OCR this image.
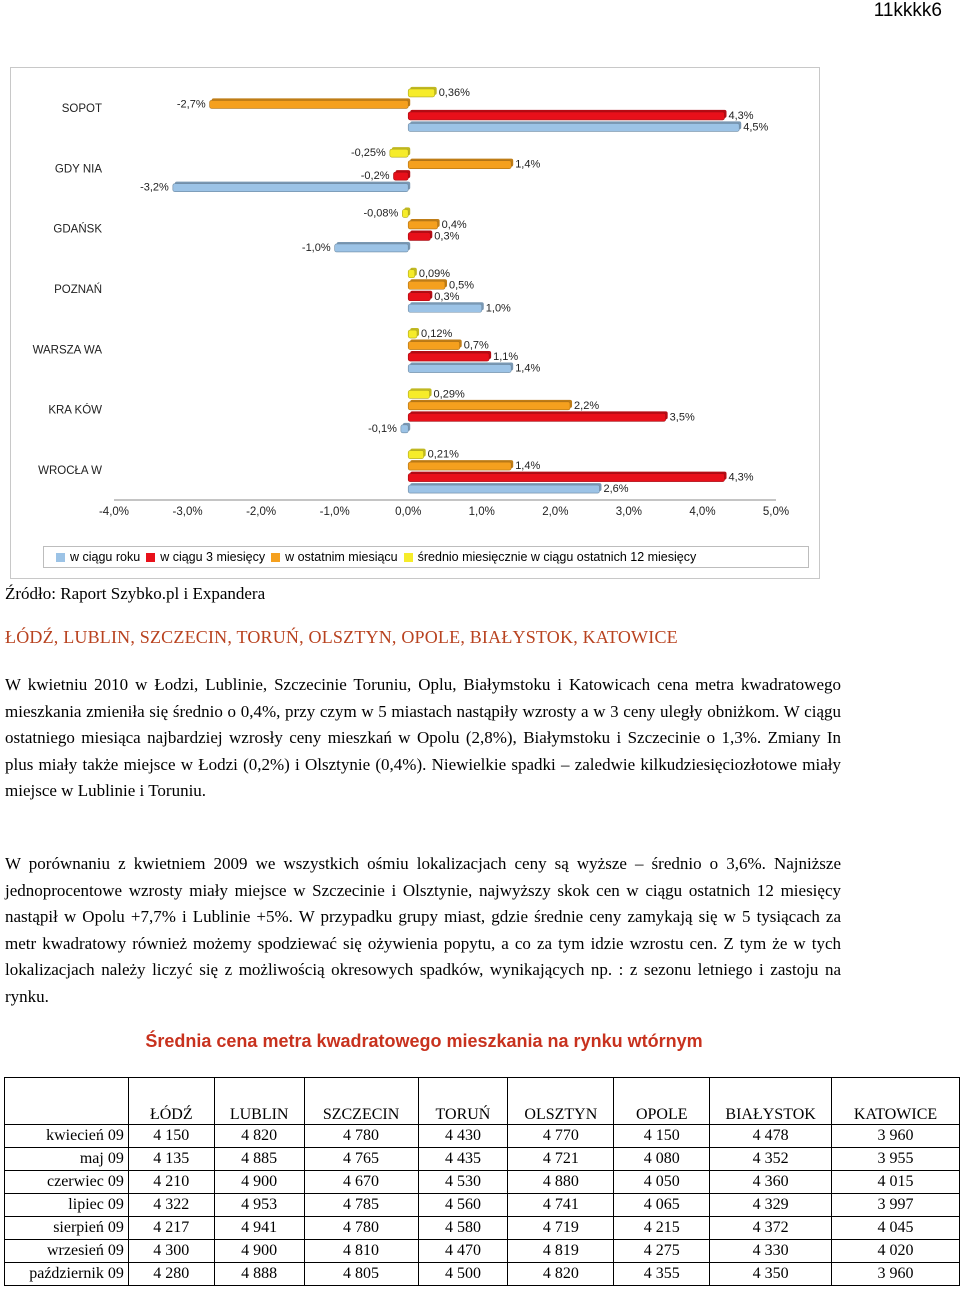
11kkkk6
-4,0%	-3,0%	-2,0%	-1,0%	0,0%	1,0%	2,0%	3,0%	4,0%	5,0%
SOPOT
0,36%
-2,7%
4,3%
4,5%
GDY NIA
-0,25%
1,4%
-0,2%
-3,2%
GDAŃSK
-0,08%
0,4%
0,3%
-1,0%
POZNAŃ
0,09%
0,5%
0,3%
1,0%
WARSZA WA
0,12%
0,7%
1,1%
1,4%
KRA KÓW
0,29%
2,2%
3,5%
-0,1%
WROCŁA W
0,21%
1,4%
4,3%
2,6%
w ciągu roku w ciągu 3 miesięcy w ostatnim miesiącu średnio miesięcznie w ciągu ostatnich 12 miesięcy
Źródło: Raport Szybko.pl i Expandera
ŁÓDŹ, LUBLIN, SZCZECIN, TORUŃ, OLSZTYN, OPOLE, BIAŁYSTOK, KATOWICE

W kwietniu 2010 w Łodzi, Lublinie, Szczecinie Toruniu, Oplu, Białymstoku i Katowicach cena metra kwadratowego mieszkania zmieniła się średnio o 0,4%, przy czym w 5 miastach nastąpiły wzrosty a w 3 ceny uległy obniżkom. W ciągu ostatniego miesiąca najbardziej wzrosły ceny mieszkań w Opolu (2,8%), Białymstoku i Szczecinie o 1,3%. Zmiany In plus miały także miejsce w Łodzi (0,2%) i Olsztynie (0,4%). Niewielkie spadki – zaledwie kilkudziesięciozłotowe miały miejsce w Lublinie i Toruniu.

W porównaniu z kwietniem 2009 we wszystkich ośmiu lokalizacjach ceny są wyższe – średnio o 3,6%. Najniższe jednoprocentowe wzrosty miały miejsce w Szczecinie i Olsztynie, najwyższy skok cen w ciągu ostatnich 12 miesięcy nastąpił w Opolu +7,7% i Lublinie +5%. W przypadku grupy miast, gdzie średnie ceny zamykają się w 5 tysiącach za metr kwadratowy również możemy spodziewać się ożywienia popytu, a co za tym idzie wzrostu cen. Z tym że w tych lokalizacjach należy liczyć się z możliwością okresowych spadków, wynikających np. : z sezonu letniego i zastoju na rynku.

Średnia cena metra kwadratowego mieszkania na rynku wtórnym
	ŁÓDŹ	LUBLIN	SZCZECIN	TORUŃ	OLSZTYN	OPOLE	BIAŁYSTOK	KATOWICE
kwiecień 09	4 150	4 820	4 780	4 430	4 770	4 150	4 478	3 960
maj 09	4 135	4 885	4 765	4 435	4 721	4 080	4 352	3 955
czerwiec 09	4 210	4 900	4 670	4 530	4 880	4 050	4 360	4 015
lipiec 09	4 322	4 953	4 785	4 560	4 741	4 065	4 329	3 997
sierpień 09	4 217	4 941	4 780	4 580	4 719	4 215	4 372	4 045
wrzesień 09	4 300	4 900	4 810	4 470	4 819	4 275	4 330	4 020
październik 09	4 280	4 888	4 805	4 500	4 820	4 355	4 350	3 960
